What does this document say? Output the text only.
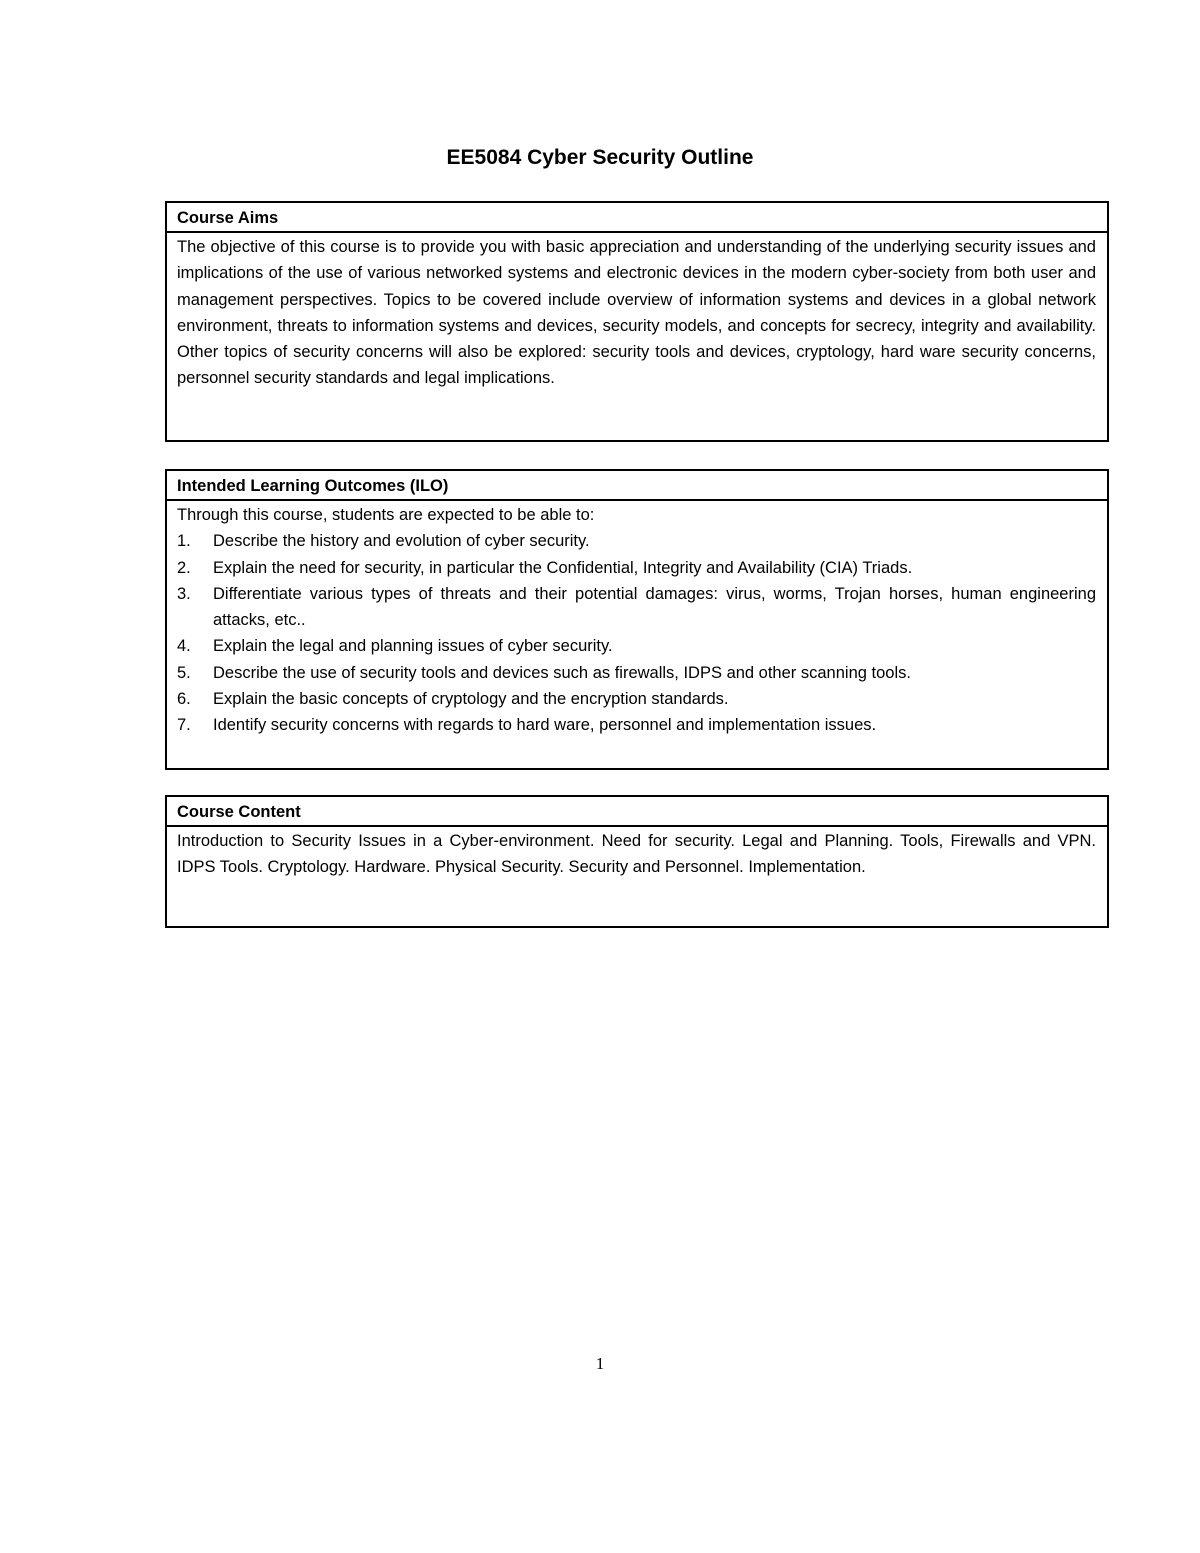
EE5084 Cyber Security Outline
Course Aims
The objective of this course is to provide you with basic appreciation and understanding of the underlying security issues and implications of the use of various networked systems and electronic devices in the modern cyber-society from both user and management perspectives. Topics to be covered include overview of information systems and devices in a global network environment, threats to information systems and devices, security models, and concepts for secrecy, integrity and availability. Other topics of security concerns will also be explored: security tools and devices, cryptology, hard ware security concerns, personnel security standards and legal implications.
Intended Learning Outcomes (ILO)
Through this course, students are expected to be able to:
1.	Describe the history and evolution of cyber security.
2.	Explain the need for security, in particular the Confidential, Integrity and Availability (CIA) Triads.
3.	Differentiate various types of threats and their potential damages: virus, worms, Trojan horses, human engineering attacks, etc..
4.	Explain the legal and planning issues of cyber security.
5.	Describe the use of security tools and devices such as firewalls, IDPS and other scanning tools.
6.	Explain the basic concepts of cryptology and the encryption standards.
7.	Identify security concerns with regards to hard ware, personnel and implementation issues.
Course Content
Introduction to Security Issues in a Cyber-environment. Need for security. Legal and Planning. Tools, Firewalls and VPN. IDPS Tools. Cryptology. Hardware. Physical Security. Security and Personnel. Implementation.
1
